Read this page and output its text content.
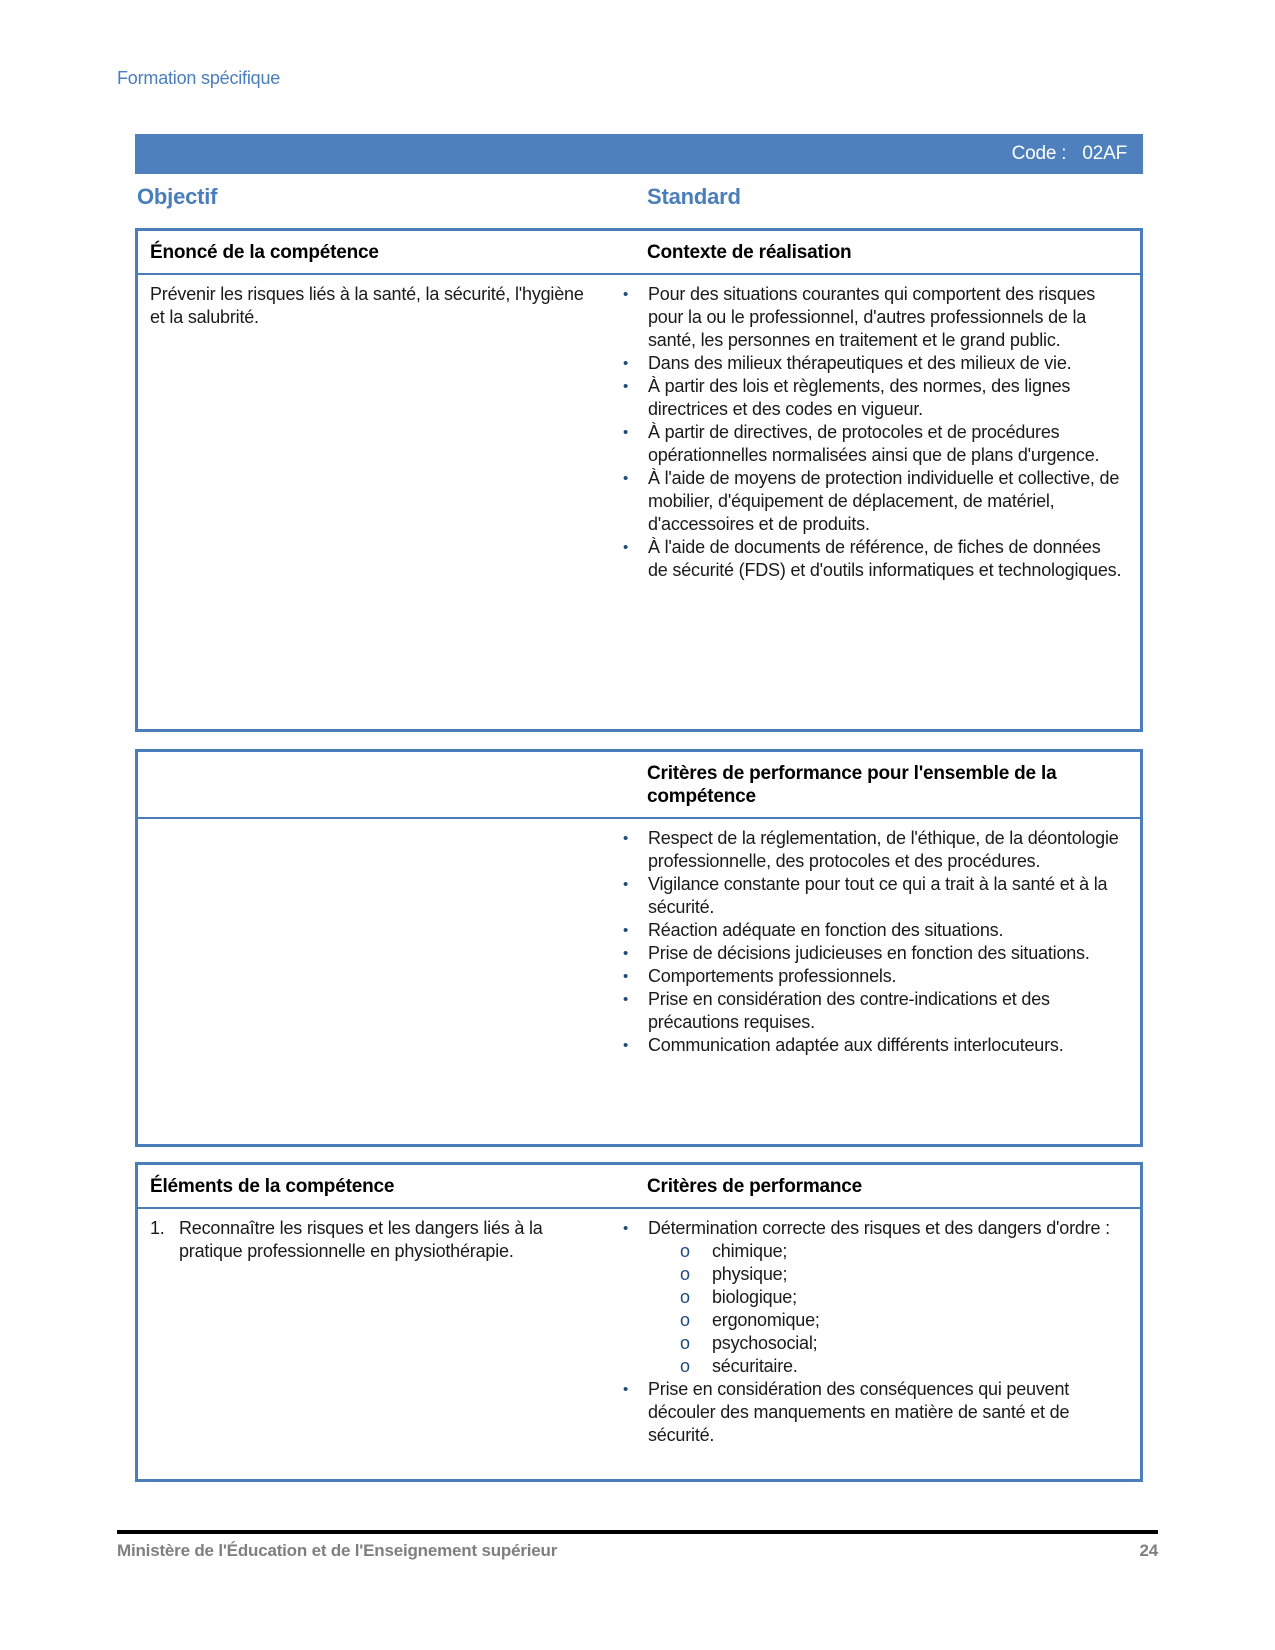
Formation spécifique
Code : 02AF
Objectif	Standard
Énoncé de la compétence	Contexte de réalisation

Prévenir les risques liés à la santé, la sécurité, l'hygiène et la salubrité.

•	Pour des situations courantes qui comportent des risques pour la ou le professionnel, d'autres professionnels de la santé, les personnes en traitement et le grand public.
•	Dans des milieux thérapeutiques et des milieux de vie.
•	À partir des lois et règlements, des normes, des lignes directrices et des codes en vigueur.
•	À partir de directives, de protocoles et de procédures opérationnelles normalisées ainsi que de plans d'urgence.
•	À l'aide de moyens de protection individuelle et collective, de mobilier, d'équipement de déplacement, de matériel, d'accessoires et de produits.
•	À l'aide de documents de référence, de fiches de données de sécurité (FDS) et d'outils informatiques et technologiques.
Critères de performance pour l'ensemble de la compétence
•	Respect de la réglementation, de l'éthique, de la déontologie professionnelle, des protocoles et des procédures.
•	Vigilance constante pour tout ce qui a trait à la santé et à la sécurité.
•	Réaction adéquate en fonction des situations.
•	Prise de décisions judicieuses en fonction des situations.
•	Comportements professionnels.
•	Prise en considération des contre-indications et des précautions requises.
•	Communication adaptée aux différents interlocuteurs.
Éléments de la compétence	Critères de performance
1. Reconnaître les risques et les dangers liés à la pratique professionnelle en physiothérapie.
•	Détermination correcte des risques et des dangers d'ordre :
o	chimique;
o	physique;
o	biologique;
o	ergonomique;
o	psychosocial;
o	sécuritaire.
•	Prise en considération des conséquences qui peuvent découler des manquements en matière de santé et de sécurité.
Ministère de l'Éducation et de l'Enseignement supérieur	24
